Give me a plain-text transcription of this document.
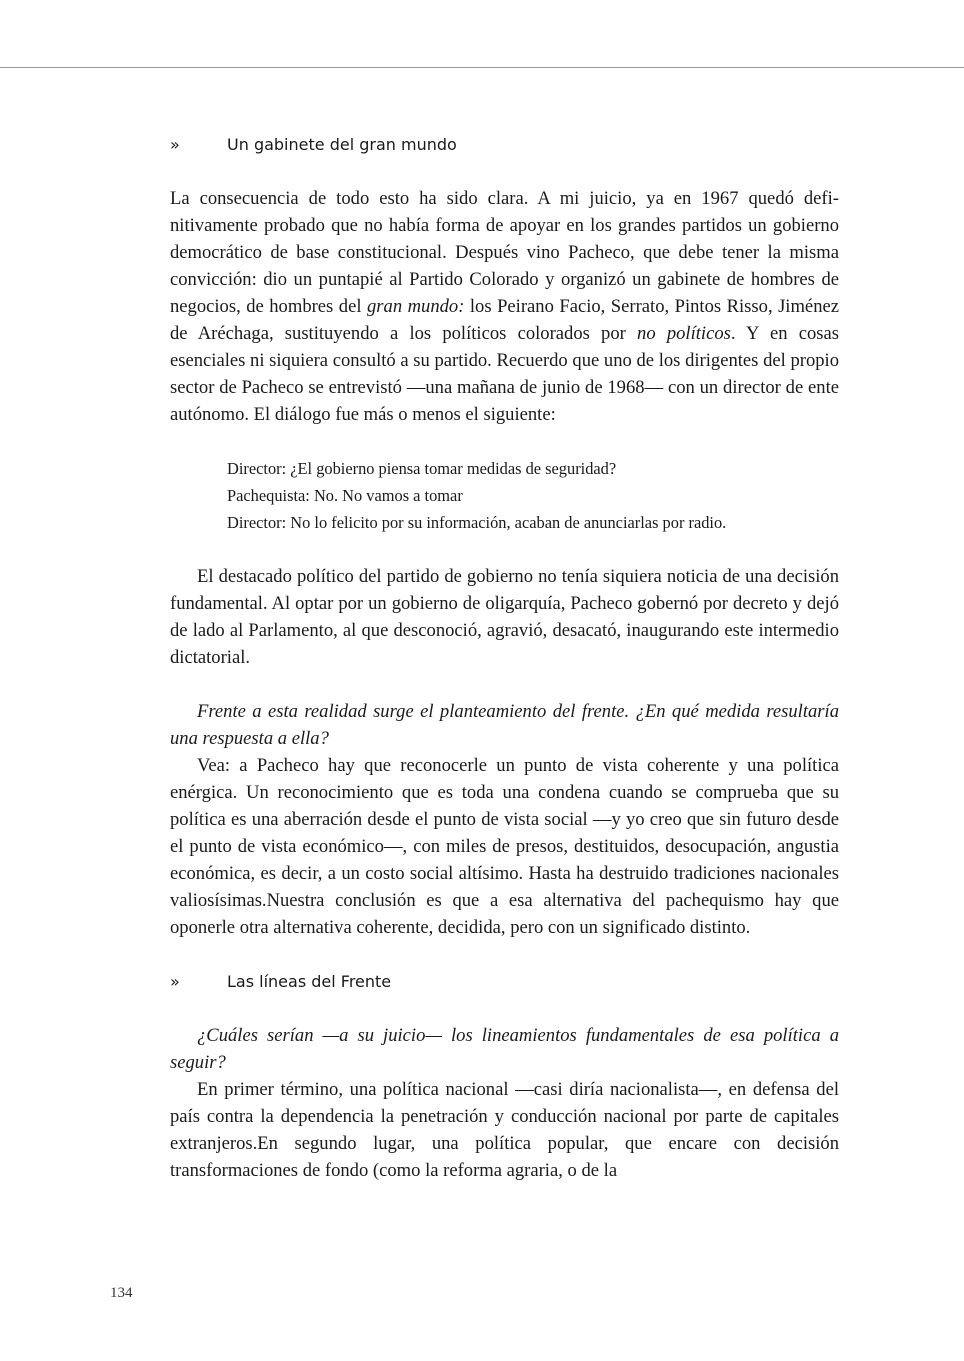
»	Un gabinete del gran mundo

La consecuencia de todo esto ha sido clara. A mi juicio, ya en 1967 quedó definitivamente probado que no había forma de apoyar en los grandes partidos un gobierno democrático de base constitucional. Después vino Pacheco, que debe tener la misma convicción: dio un puntapié al Partido Colorado y organizó un gabinete de hombres de negocios, de hombres del gran mundo: los Peirano Facio, Serrato, Pintos Risso, Jiménez de Aréchaga, sustituyendo a los políticos colorados por no políticos. Y en cosas esenciales ni siquiera consultó a su partido. Recuerdo que uno de los dirigentes del propio sector de Pacheco se entrevistó —una mañana de junio de 1968— con un director de ente autónomo. El diálogo fue más o menos el siguiente:

Director: ¿El gobierno piensa tomar medidas de seguridad?
Pachequista: No. No vamos a tomar
Director: No lo felicito por su información, acaban de anunciarlas por radio.

El destacado político del partido de gobierno no tenía siquiera noticia de una decisión fundamental. Al optar por un gobierno de oligarquía, Pacheco gobernó por decreto y dejó de lado al Parlamento, al que desconoció, agravió, desacató, inaugurando este intermedio dictatorial.

Frente a esta realidad surge el planteamiento del frente. ¿En qué medida resultaría una respuesta a ella?

Vea: a Pacheco hay que reconocerle un punto de vista coherente y una política enérgica. Un reconocimiento que es toda una condena cuando se comprueba que su política es una aberración desde el punto de vista social —y yo creo que sin futuro desde el punto de vista económico—, con miles de presos, destituidos, desocupación, angustia económica, es decir, a un costo social altísimo. Hasta ha destruido tradiciones nacionales valiosísimas.Nuestra conclusión es que a esa alternativa del pachequismo hay que oponerle otra alternativa coherente, decidida, pero con un significado distinto.

»	Las líneas del Frente

¿Cuáles serían —a su juicio— los lineamientos fundamentales de esa política a seguir?

En primer término, una política nacional —casi diría nacionalista—, en defensa del país contra la dependencia la penetración y conducción nacional por parte de capitales extranjeros.En segundo lugar, una política popular, que encare con decisión transformaciones de fondo (como la reforma agraria, o de la

134
